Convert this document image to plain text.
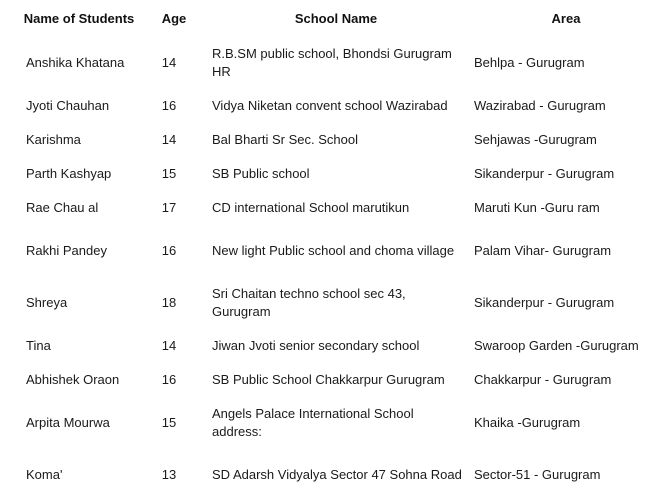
Name of Students	Age	School Name	Area
Anshika Khatana	14	R.B.SM public school, Bhondsi Gurugram HR	Behlpa - Gurugram
Jyoti Chauhan	16	Vidya Niketan convent school Wazirabad	Wazirabad - Gurugram
Karishma	14	Bal Bharti Sr Sec. School	Sehjawas -Gurugram
Parth Kashyap	15	SB Public school	Sikanderpur - Gurugram
Rae Chau al	17	CD international School marutikun	Maruti Kun -Guru ram
Rakhi Pandey	16	New light Public school and choma village	Palam Vihar- Gurugram
Shreya	18	Sri Chaitan techno school sec 43, Gurugram	Sikanderpur - Gurugram
Tina	14	Jiwan Jvoti senior secondary school	Swaroop Garden -Gurugram
Abhishek Oraon	16	SB Public School Chakkarpur Gurugram	Chakkarpur - Gurugram
Arpita Mourwa	15	Angels Palace International School address:	Khaika -Gurugram
Koma'	13	SD Adarsh Vidyalya Sector 47 Sohna Road	Sector-51 - Gurugram
